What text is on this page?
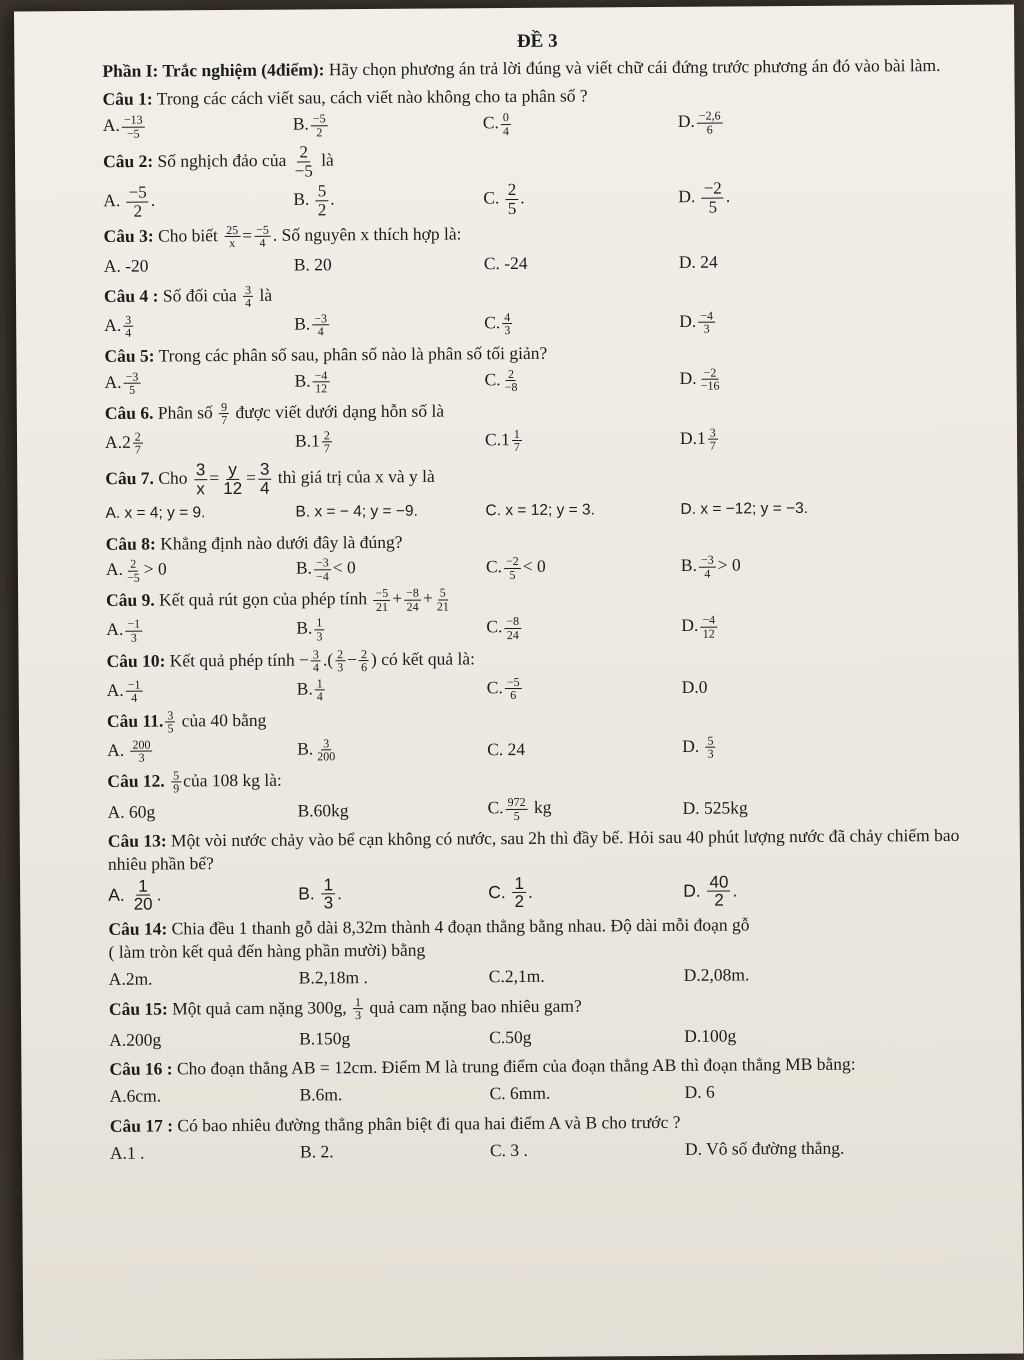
ĐỀ 3

Phần I: Trắc nghiệm (4điểm): Hãy chọn phương án trả lời đúng và viết chữ cái đứng trước phương án đó vào bài làm.

Câu 1: Trong các cách viết sau, cách viết nào không cho ta phân số ?

A. $\frac{-13}{-5}$	B. $\frac{-5}{2}$	C. $\frac{0}{4}$	D. $\frac{-2,6}{6}$

Câu 2: Số nghịch đảo của $\frac{2}{-5}$ là

A. $\frac{-5}{2}$ .	B. $\frac{5}{2}$ .	C. $\frac{2}{5}$ .	D. $\frac{-2}{5}$ .

Câu 3: Cho biết $\frac{25}{x} = \frac{-5}{4}$ . Số nguyên x thích hợp là:

A. -20	B. 20	C. -24	D. 24

Câu 4 : Số đối của $\frac{3}{4}$ là

A. $\frac{3}{4}$	B. $\frac{-3}{4}$	C. $\frac{4}{3}$	D. $\frac{-4}{3}$

Câu 5: Trong các phân số sau, phân số nào là phân số tối giản?

A. $\frac{-3}{5}$	B. $\frac{-4}{12}$	C. $\frac{2}{-8}$	D. $\frac{-2}{-16}$

Câu 6. Phân số $\frac{9}{7}$ được viết dưới dạng hỗn số là

$A.2 \frac{2}{7}$	$B.1 \frac{2}{7}$	$C.1 \frac{1}{7}$	$D.1 \frac{3}{7}$

Câu 7. Cho $\frac{3}{x} = \frac{y}{12} = \frac{3}{4}$ thì giá trị của x và y là

A. x = 4; y = 9.	B. x = − 4; y = −9.	C. x = 12; y = 3.	D. x = −12; y = −3.

Câu 8: Khẳng định nào dưới đây là đúng?

A. $\frac{2}{-5} > 0$	B. $\frac{-3}{-4} < 0$	C. $\frac{-2}{5} < 0$	B. $\frac{-3}{4} > 0$

Câu 9. Kết quả rút gọn của phép tính $\frac{-5}{21} + \frac{-8}{24} + \frac{5}{21}$

A. $\frac{-1}{3}$	B. $\frac{1}{3}$	C. $\frac{-8}{24}$	D. $\frac{-4}{12}$

Câu 10: Kết quả phép tính − $\frac{3}{4}$ .( $\frac{2}{3} - \frac{2}{6}$ ) có kết quả là:

A. $\frac{-1}{4}$	B. $\frac{1}{4}$	C. $\frac{-5}{6}$	D.0

Câu 11. $\frac{3}{5}$ của 40 bằng

A. $\frac{200}{3}$	B. $\frac{3}{200}$	C. 24	D. $\frac{5}{3}$

Câu 12. $\frac{5}{9}$ của 108 kg là:

A. 60g	B.60kg	C. $\frac{972}{5}$ kg	D. 525kg

Câu 13: Một vòi nước chảy vào bể cạn không có nước, sau 2h thì đầy bể. Hỏi sau 40 phút lượng nước đã chảy chiếm bao nhiêu phần bể?

A. $\frac{1}{20}$ .	B. $\frac{1}{3}$ .	C. $\frac{1}{2}$ .	D. $\frac{40}{2}$ .

Câu 14: Chia đều 1 thanh gỗ dài 8,32m thành 4 đoạn thẳng bằng nhau. Độ dài mỗi đoạn gỗ

( làm tròn kết quả đến hàng phần mười) bằng

A.2m.	B.2,18m .	C.2,1m.	D.2,08m.

Câu 15: Một quả cam nặng 300g, $\frac{1}{3}$ quả cam nặng bao nhiêu gam?

A.200g	B.150g	C.50g	D.100g

Câu 16 : Cho đoạn thẳng AB = 12cm. Điểm M là trung điểm của đoạn thẳng AB thì đoạn thẳng MB bằng:

A.6cm.	B.6m.	C. 6mm.	D. 6

Câu 17 : Có bao nhiêu đường thẳng phân biệt đi qua hai điểm A và B cho trước ?

A.1 .	B. 2.	C. 3 .	D. Vô số đường thẳng.
